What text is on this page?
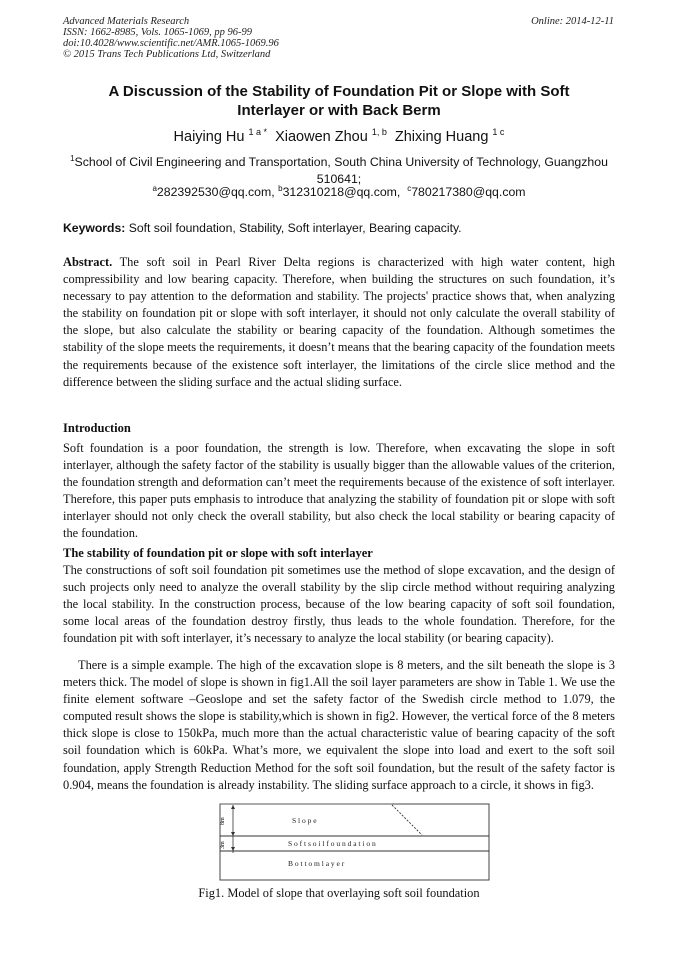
Advanced Materials Research
ISSN: 1662-8985, Vols. 1065-1069, pp 96-99
doi:10.4028/www.scientific.net/AMR.1065-1069.96
© 2015 Trans Tech Publications Ltd, Switzerland
Online: 2014-12-11
A Discussion of the Stability of Foundation Pit or Slope with Soft
Interlayer or with Back Berm
Haiying Hu $^{1 a *}$ Xiaowen Zhou $^{1, b}$ Zhixing Huang $^{1 c}$
$^1$School of Civil Engineering and Transportation, South China University of Technology, Guangzhou 510641;
$^a$282392530@qq.com, $^b$312310218@qq.com, $^c$780217380@qq.com
Keywords: Soft soil foundation, Stability, Soft interlayer, Bearing capacity.
Abstract. The soft soil in Pearl River Delta regions is characterized with high water content, high compressibility and low bearing capacity. Therefore, when building the structures on such foundation, it’s necessary to pay attention to the deformation and stability. The projects' practice shows that, when analyzing the stability on foundation pit or slope with soft interlayer, it should not only calculate the overall stability of the slope, but also calculate the stability or bearing capacity of the foundation. Although sometimes the stability of the slope meets the requirements, it doesn’t means that the bearing capacity of the foundation meets the requirements because of the existence soft interlayer, the limitations of the circle slice method and the difference between the sliding surface and the actual sliding surface.
Introduction
Soft foundation is a poor foundation, the strength is low. Therefore, when excavating the slope in soft interlayer, although the safety factor of the stability is usually bigger than the allowable values of the criterion, the foundation strength and deformation can’t meet the requirements because of the existence of soft interlayer. Therefore, this paper puts emphasis to introduce that analyzing the stability of foundation pit or slope with soft interlayer should not only check the overall stability, but also check the local stability or bearing capacity of the foundation.
The stability of foundation pit or slope with soft interlayer
The constructions of soft soil foundation pit sometimes use the method of slope excavation, and the design of such projects only need to analyze the overall stability by the slip circle method without requiring analyzing the local stability. In the construction process, because of the low bearing capacity of soft soil foundation, some local areas of the foundation destroy firstly, thus leads to the whole foundation. Therefore, for the foundation pit with soft interlayer, it’s necessary to analyze the local stability (or bearing capacity).
There is a simple example. The high of the excavation slope is 8 meters, and the silt beneath the slope is 3 meters thick. The model of slope is shown in fig1.All the soil layer parameters are show in Table 1. We use the finite element software –Geoslope and set the safety factor of the Swedish circle method to 1.079, the computed result shows the slope is stability,which is shown in fig2. However, the vertical force of the 8 meters thick slope is close to 150kPa, much more than the actual characteristic value of bearing capacity of the soft soil foundation which is 60kPa. What’s more, we equivalent the slope into load and exert to the soft soil foundation, apply Strength Reduction Method for the soft soil foundation, but the result of the safety factor is 0.904, means the foundation is already instability. The sliding surface approach to a circle, it shows in fig3.
8m
3m
S l o p e
S o f t s o i l f o u n d a t i o n
B o t t o m l a y e r
Fig1. Model of slope that overlaying soft soil foundation
